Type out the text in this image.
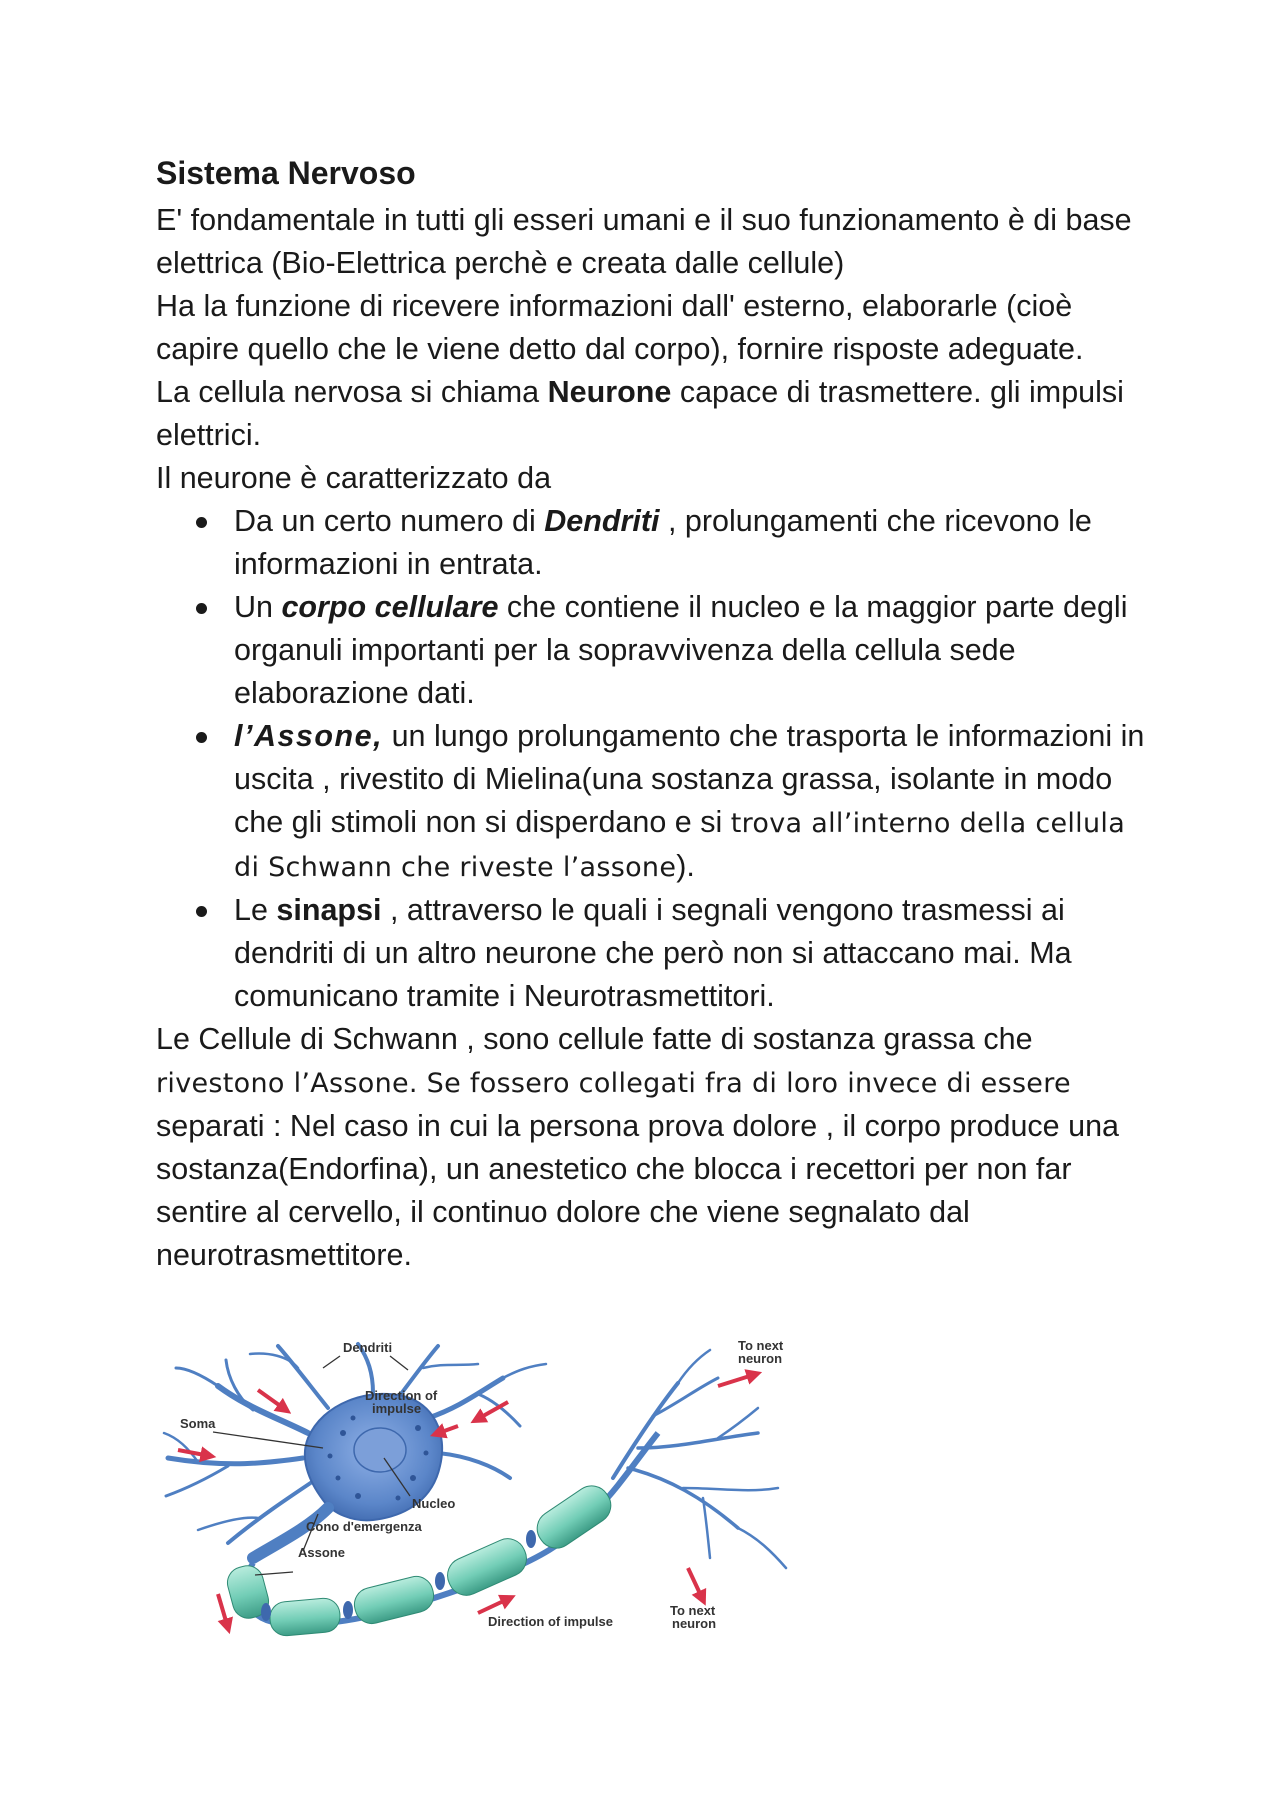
Sistema Nervoso

E' fondamentale in tutti gli esseri umani e il suo funzionamento è di base elettrica (Bio-Elettrica perchè e creata dalle cellule)

Ha la funzione di ricevere informazioni dall' esterno, elaborarle (cioè capire quello che le viene detto dal corpo), fornire risposte adeguate.

La cellula nervosa si chiama Neurone capace di trasmettere. gli impulsi elettrici.

Il neurone è caratterizzato da

Da un certo numero di Dendriti , prolungamenti che ricevono le informazioni in entrata.
Un corpo cellulare che contiene il nucleo e la maggior parte degli organuli importanti per la sopravvivenza della cellula sede elaborazione dati.
l’Assone, un lungo prolungamento che trasporta le informazioni in uscita , rivestito di Mielina(una sostanza grassa, isolante in modo che gli stimoli non si disperdano e si trova all’interno della cellula di Schwann che riveste l’assone).
Le sinapsi , attraverso le quali i segnali vengono trasmessi ai dendriti di un altro neurone che però non si attaccano mai. Ma comunicano tramite i Neurotrasmettitori.

Le Cellule di Schwann , sono cellule fatte di sostanza grassa che rivestono l’Assone. Se fossero collegati fra di loro invece di essere separati : Nel caso in cui la persona prova dolore , il corpo produce una sostanza(Endorfina), un anestetico che blocca i recettori per non far sentire al cervello, il continuo dolore che viene segnalato dal neurotrasmettitore.

Dendriti
Direction of
impulse
Soma
Nucleo
Cono d'emergenza
Assone
To next
neuron
To next
neuron
Direction of impulse
